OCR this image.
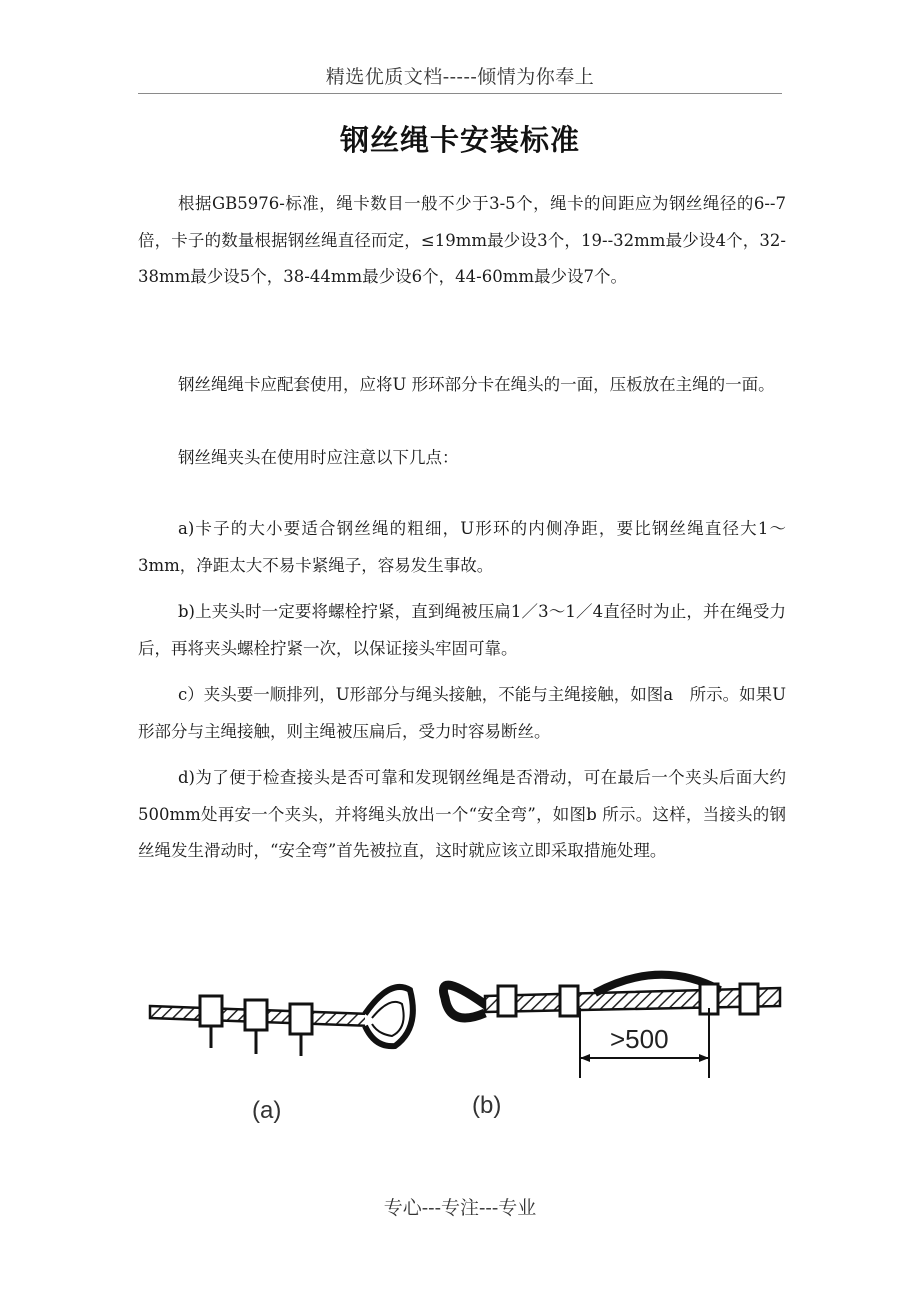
精选优质文档-----倾情为你奉上
钢丝绳卡安装标准

根据GB5976-标准，绳卡数目一般不少于3-5个，绳卡的间距应为钢丝绳径的6--7倍，卡子的数量根据钢丝绳直径而定，≤19mm最少设3个，19--32mm最少设4个，32-38mm最少设5个，38-44mm最少设6个，44-60mm最少设7个。

钢丝绳绳卡应配套使用，应将U 形环部分卡在绳头的一面，压板放在主绳的一面。

钢丝绳夹头在使用时应注意以下几点：

a)卡子的大小要适合钢丝绳的粗细，U形环的内侧净距，要比钢丝绳直径大1～3mm，净距太大不易卡紧绳子，容易发生事故。

b)上夹头时一定要将螺栓拧紧，直到绳被压扁1／3～1／4直径时为止，并在绳受力后，再将夹头螺栓拧紧一次，以保证接头牢固可靠。

c）夹头要一顺排列，U形部分与绳头接触，不能与主绳接触，如图a　所示。如果U形部分与主绳接触，则主绳被压扁后，受力时容易断丝。

d)为了便于检查接头是否可靠和发现钢丝绳是否滑动，可在最后一个夹头后面大约500mm处再安一个夹头，并将绳头放出一个“安全弯”，如图b 所示。这样，当接头的钢丝绳发生滑动时，“安全弯”首先被拉直，这时就应该立即采取措施处理。

(a)
>500
(b)
专心---专注---专业
